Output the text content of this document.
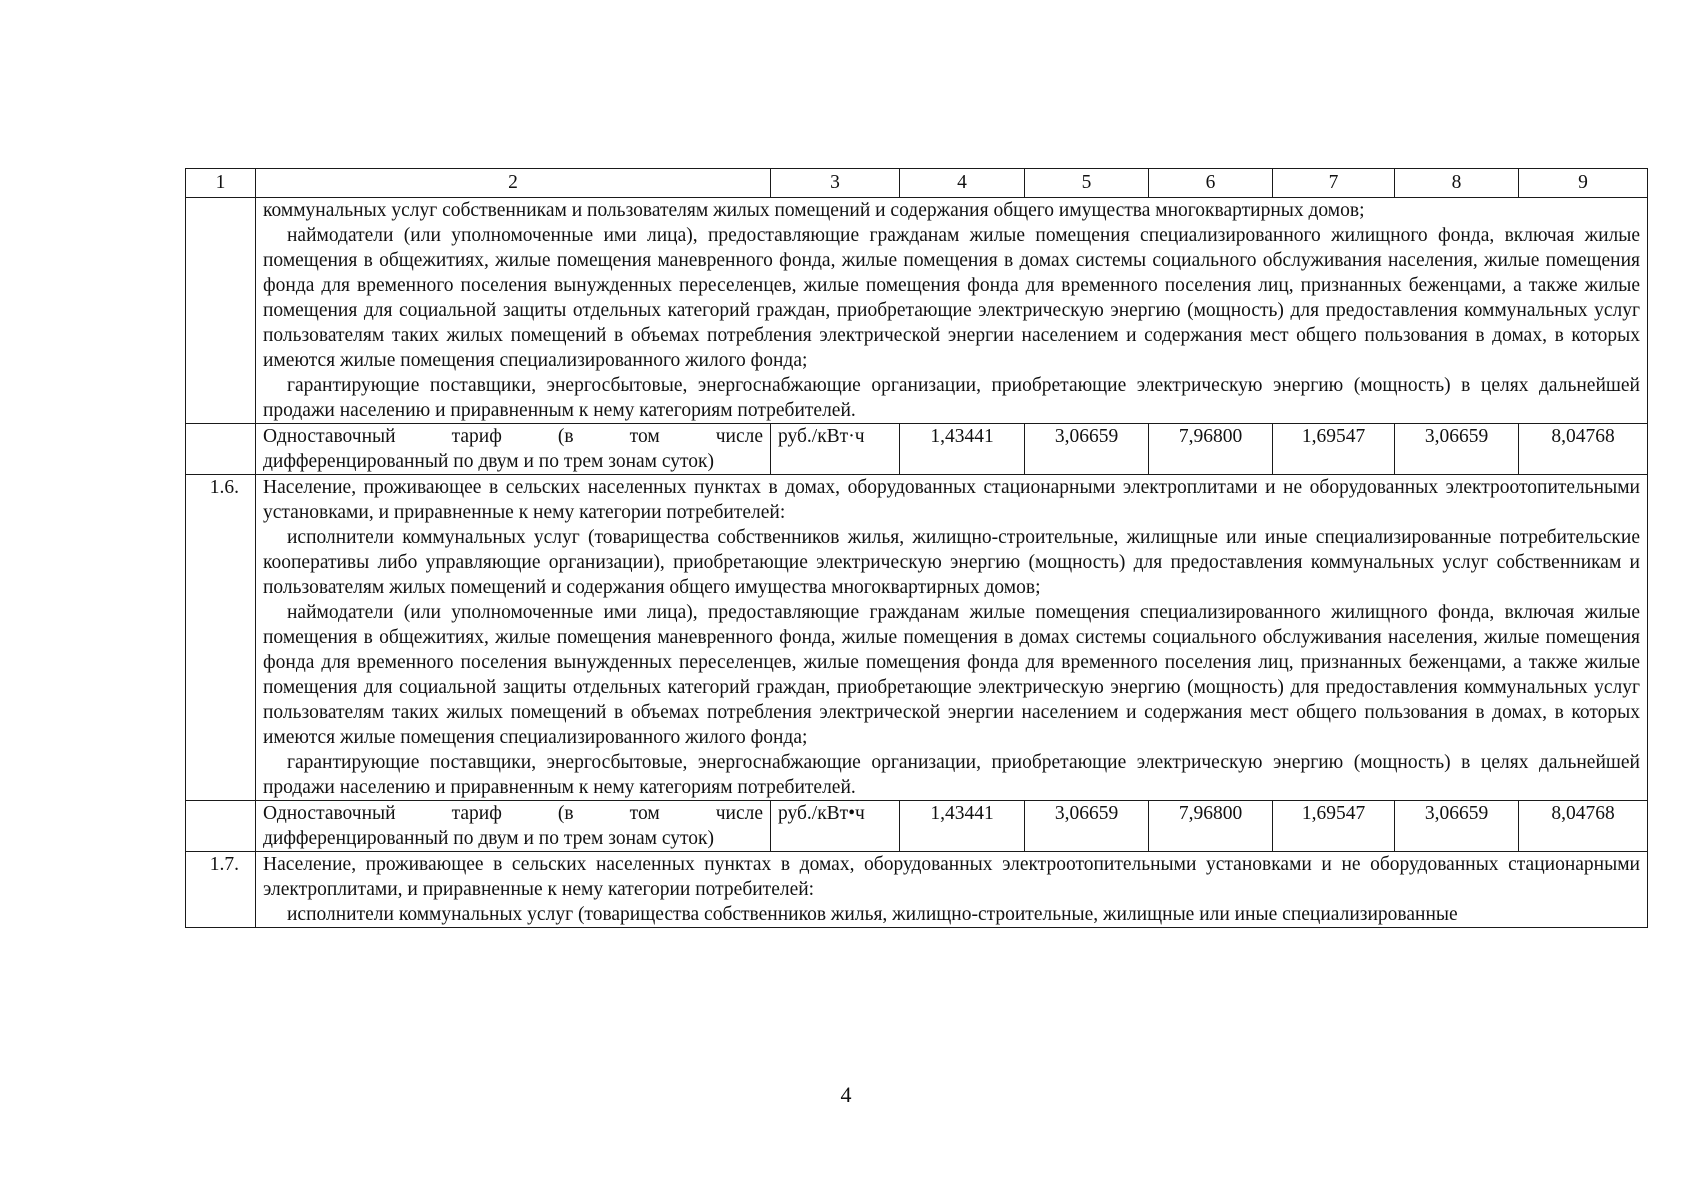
1	2	3	4	5	6	7	8	9

	коммунальных услуг собственникам и пользователям жилых помещений и содержания общего имущества многоквартирных домов;

наймодатели (или уполномоченные ими лица), предоставляющие гражданам жилые помещения специализированного жилищного фонда, включая жилые помещения в общежитиях, жилые помещения маневренного фонда, жилые помещения в домах системы социального обслуживания населения, жилые помещения фонда для временного поселения вынужденных переселенцев, жилые помещения фонда для временного поселения лиц, признанных беженцами, а также жилые помещения для социальной защиты отдельных категорий граждан, приобретающие электрическую энергию (мощность) для предоставления коммунальных услуг пользователям таких жилых помещений в объемах потребления электрической энергии населением и содержания мест общего пользования в домах, в которых имеются жилые помещения специализированного жилого фонда;

гарантирующие поставщики, энергосбытовые, энергоснабжающие организации, приобретающие электрическую энергию (мощность) в целях дальнейшей продажи населению и приравненным к нему категориям потребителей.							

	Одноставочный тариф (в том числе
дифференцированный по двум и по трем зонам суток)	руб./кВт·ч	1,43441	3,06659	7,96800	1,69547	3,06659	8,04768
1.6.	Население, проживающее в сельских населенных пунктах в домах, оборудованных стационарными электроплитами и не оборудованных электроотопительными установками, и приравненные к нему категории потребителей:

исполнители коммунальных услуг (товарищества собственников жилья, жилищно-строительные, жилищные или иные специализированные потребительские кооперативы либо управляющие организации), приобретающие электрическую энергию (мощность) для предоставления коммунальных услуг собственникам и пользователям жилых помещений и содержания общего имущества многоквартирных домов;

наймодатели (или уполномоченные ими лица), предоставляющие гражданам жилые помещения специализированного жилищного фонда, включая жилые помещения в общежитиях, жилые помещения маневренного фонда, жилые помещения в домах системы социального обслуживания населения, жилые помещения фонда для временного поселения вынужденных переселенцев, жилые помещения фонда для временного поселения лиц, признанных беженцами, а также жилые помещения для социальной защиты отдельных категорий граждан, приобретающие электрическую энергию (мощность) для предоставления коммунальных услуг пользователям таких жилых помещений в объемах потребления электрической энергии населением и содержания мест общего пользования в домах, в которых имеются жилые помещения специализированного жилого фонда;

гарантирующие поставщики, энергосбытовые, энергоснабжающие организации, приобретающие электрическую энергию (мощность) в целях дальнейшей продажи населению и приравненным к нему категориям потребителей.							

	Одноставочный тариф (в том числе
дифференцированный по двум и по трем зонам суток)	руб./кВт•ч	1,43441	3,06659	7,96800	1,69547	3,06659	8,04768
1.7.	Население, проживающее в сельских населенных пунктах в домах, оборудованных электроотопительными установками и не оборудованных стационарными электроплитами, и приравненные к нему категории потребителей:

исполнители коммунальных услуг (товарищества собственников жилья, жилищно-строительные, жилищные или иные специализированные							

4
